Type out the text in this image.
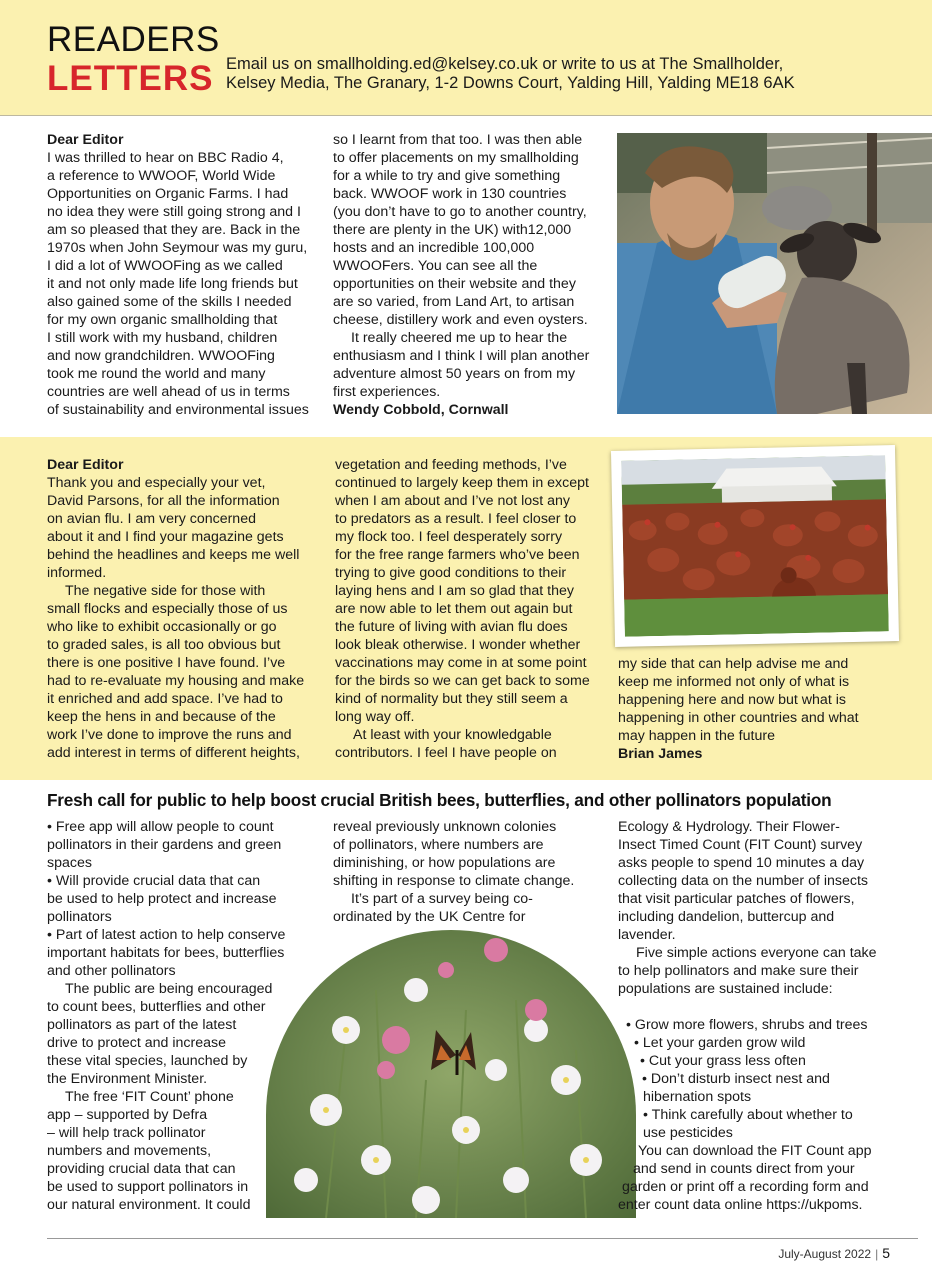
READERS
LETTERS Email us on smallholding.ed@kelsey.co.uk or write to us at The Smallholder,
Kelsey Media, The Granary, 1-2 Downs Court, Yalding Hill, Yalding ME18 6AK

Dear Editor

I was thrilled to hear on BBC Radio 4,
a reference to WWOOF, World Wide
Opportunities on Organic Farms. I had
no idea they were still going strong and I
am so pleased that they are. Back in the
1970s when John Seymour was my guru,
I did a lot of WWOOFing as we called
it and not only made life long friends but
also gained some of the skills I needed
for my own organic smallholding that
I still work with my husband, children
and now grandchildren. WWOOFing
took me round the world and many
countries are well ahead of us in terms
of sustainability and environmental issues
so I learnt from that too. I was then able
to offer placements on my smallholding
for a while to try and give something
back. WWOOF work in 130 countries
(you don’t have to go to another country,
there are plenty in the UK) with12,000
hosts and an incredible 100,000
WWOOFers. You can see all the
opportunities on their website and they
are so varied, from Land Art, to artisan
cheese, distillery work and even oysters.
It really cheered me up to hear the
enthusiasm and I think I will plan another
adventure almost 50 years on from my
first experiences.

Wendy Cobbold, Cornwall

Dear Editor

Thank you and especially your vet,
David Parsons, for all the information
on avian flu. I am very concerned
about it and I find your magazine gets
behind the headlines and keeps me well
informed.
The negative side for those with
small flocks and especially those of us
who like to exhibit occasionally or go
to graded sales, is all too obvious but
there is one positive I have found. I’ve
had to re-evaluate my housing and make
it enriched and add space. I’ve had to
keep the hens in and because of the
work I’ve done to improve the runs and
add interest in terms of different heights,
vegetation and feeding methods, I’ve
continued to largely keep them in except
when I am about and I’ve not lost any
to predators as a result. I feel closer to
my flock too. I feel desperately sorry
for the free range farmers who’ve been
trying to give good conditions to their
laying hens and I am so glad that they
are now able to let them out again but
the future of living with avian flu does
look bleak otherwise. I wonder whether
vaccinations may come in at some point
for the birds so we can get back to some
kind of normality but they still seem a
long way off.
At least with your knowledgable
contributors. I feel I have people on
my side that can help advise me and
keep me informed not only of what is
happening here and now but what is
happening in other countries and what
may happen in the future

Brian James

Fresh call for public to help boost crucial British bees, butterflies, and other pollinators population
• Free app will allow people to count
pollinators in their gardens and green
spaces
• Will provide crucial data that can
be used to help protect and increase
pollinators
• Part of latest action to help conserve
important habitats for bees, butterflies
and other pollinators
The public are being encouraged
to count bees, butterflies and other
pollinators as part of the latest
drive to protect and increase
these vital species, launched by
the Environment Minister.
The free ‘FIT Count’ phone
app – supported by Defra
– will help track pollinator
numbers and movements,
providing crucial data that can
be used to support pollinators in
our natural environment. It could
reveal previously unknown colonies
of pollinators, where numbers are
diminishing, or how populations are
shifting in response to climate change.
It’s part of a survey being co-
ordinated by the UK Centre for
Ecology & Hydrology. Their Flower-
Insect Timed Count (FIT Count) survey
asks people to spend 10 minutes a day
collecting data on the number of insects
that visit particular patches of flowers,
including dandelion, buttercup and
lavender.
Five simple actions everyone can take
to help pollinators and make sure their
populations are sustained include:
• Grow more flowers, shrubs and trees
• Let your garden grow wild
• Cut your grass less often
• Don’t disturb insect nest and
hibernation spots
• Think carefully about whether to
use pesticides
You can download the FIT Count app
and send in counts direct from your
garden or print off a recording form and
enter count data online https://ukpoms.
July-August 2022 | 5
